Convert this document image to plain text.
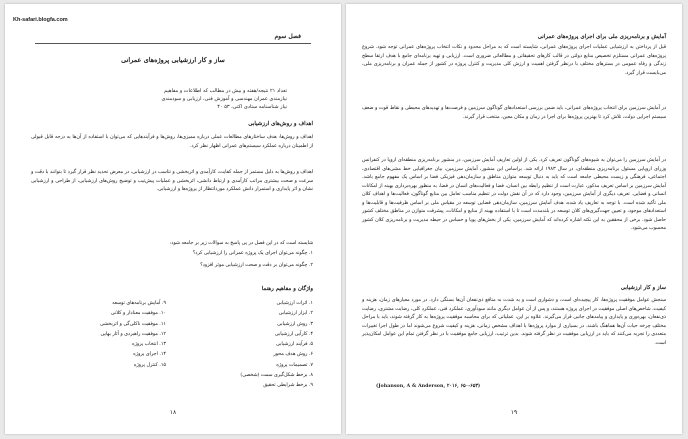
Kh-safari.blogfa.com
فصل سوم
ساز و کار ارزشیابی پروژه‌های عمرانی
تعداد ۲۱ نتیجه/هفته و بیش در مطالب که اطلاعات و مفاهیم
نیازمندی عمران مهندسی و آموزش فنی، ارزیابی و سودمندی
نیاز شناسنامه ستادی اکتی، ۵۳ ۴۰
اهداف و روش‌های ارزشیابی
اهداف و روش‌ها: هدف ساختارهای مطالعات عملی درباره ممیزی‌ها، روش‌ها و فرآیندهایی که می‌توان با استفاده از آن‌ها به درجه قابل قبولی از اطمینان درباره عملکرد سیستم‌های عمرانی اظهار نظر کرد.
اهداف و روش‌ها به دلیل مستمر از جمله کفایت، کارآمدی و اثربخشی و تناسب در ارزشیابی، در معرض تحدید نظر قرار گیرد تا بتوانند با دقت و سرعت و صحت بیشتری مراتب کارآمدی و ارتباط دانشی، اثربخشی و عملیات پیش‌تیب و توضیح روش‌های ارزشیابی، از طراحی و ارزشیابی نشان و اثر پایداری و استمرار دانش عملکرد موردانتظار از پروژه‌ها و ارزشیابی.
شایسته است که در این فصل در پی پاسخ به سوالات زیر بر جامعه شود:
۱. چگونه می‌توان اجرای یک پروژه عمرانی را ارزشیابی کرد؟
۲. چگونه می‌توان بر دقت و صحت ارزشیابی موثر افزود؟
واژگان و مفاهیم رهنما
۱. اثرات ارزشیابی
۲. ابزار ارزشیابی
۳. روش ارزشیابی
۴. کارآیی ارزشیابی
۵. فرآیند ارزشیابی
۶. روش هدف محور
۷. تصمیمات پروژه
۸. برخط شکل‌گیری سمت (شخصی)
۹. برخط شرایطی تحقیق
۹. آمایش برنامه‌های توسعه
۱۰. موفقیت معنادار و کلانی
۱۱. موفقیت ناکلی‌گی و اثربخشی
۱۲. موفقیت راهبردی و آثار بهایی
۱۳. انتخاب پروژه
۱۴. اجرای پروژه
۱۵. کنترل پروژه
۱۸
آمایش و برنامه‌ریزی ملی برای اجرای پروژه‌های عمرانی
قبل از پرداختن به ارزشیابی عملیات اجرای پروژه‌های عمرانی، شایسته است که به مراحل محدود و نکات انتخاب پروژه‌های عمرانی توجه شود. شروع پروژه‌های عمرانی مستلزم تخصیص منابع دولتی در قالب کارهای تحقیقاتی و مطالعاتی ضروری است. ارزیابی و تهیه برنامه‌ای جامع با هدف ارتقا سطح زندگی و رفاه عمومی در بسترهای مختلف با درنظر گرفتن اهمیت و ارزش کلی مدیریت و کنترل پروژه در کشور از جمله عمران و برنامه‌ریزی ملی، می‌بایست قرار گیرد.
در آمایش سرزمین برای انتخاب پروژه‌های عمرانی، باید ضمن بررسی استعدادهای گوناگون سرزمین و فرصت‌ها و تهدیدهای محیطی و نقاط قوت و ضعف سیستم اجرایی دولت، تلاش کرد تا بهترین پروژه‌ها برای اجرا در زمان و مکان معین، منتخب قرار گیرند.
در آمایش سرزمین را می‌توان به شیوه‌های گوناگون تعریف کرد. یکی از اولین تعاریف آمایش سرزمین، در منشور برنامه‌ریزی منطقه‌ای اروپا در کنفرانس وزرای اروپایی مسئول برنامه‌ریزی منطقه‌ای، در سال ۱۹۸۳ ارائه شد. براساس این منشور، آمایش سرزمین، بیان جغرافیایی خط مشی‌های اقتصادی، اجتماعی، فرهنگی و زیست محیطی جامعه است که باید به دنبال توسعه متوازن مناطق و سازمان‌دهی فیزیکی فضا بر اساس یک مفهوم جامع باشد. آمایش سرزمین بر اساس تعریف مذکور، عبارت است از تنظیم رابطه بین انسان، فضا و فعالیت‌های انسان در فضا، به منظور بهره‌برداری بهینه از امکانات انسانی و فضایی. تعریف دیگری از آمایش سرزمین، وجود دارد که در آن نقش دولت در تنظیم مناسب تعامل بین منابع گوناگون، فعالیت‌ها و اهداف کلان ملی تأکید شده است. با توجه به تعاریف یاد شده، هدف آمایش سرزمین، سازمان‌دهی فضایی توسعه در مقیاس ملی بر اساس ظرفیت‌ها و قابلیت‌ها و استعدادهای موجود، و تعیین جهت‌گیری‌های کلان توسعه در بلندمدت است تا با استفاده بهینه از منابع و امکانات، پیشرفت متوازن در مناطق مختلف کشور حاصل شود. برخی از محققین به این نکته اشاره کرده‌اند که آمایش سرزمین، یکی از بخش‌های پویا و حساس در حیطه مدیریت و برنامه‌ریزی کلان کشور محسوب می‌شود.
ساز و کار ارزشیابی
سنجش عوامل موفقیت پروژه‌ها، کار پیچیده‌ای است، و دشواری است و به شدت به منافع ذی‌نفعان آن‌ها بستگی دارد. در مورد معیارهای زمان، هزینه و کیفیت، شاخص‌های اصلی موفقیت در اجرای پروژه هستند، و پس از آن عوامل دیگری مانند سودآوری، عملکرد فنی، عملکرد کلی، رضایت مشتری، رضایت ذی‌نفعان، بهره‌وری و پایداری و پیامدهای جانبی قرار می‌گیرند. علاوه بر این، عملیاتی که برای محاسبه موفقیت پروژه‌ها به کار گرفته شوند، باید با مراحل مختلف چرخه حیات آن‌ها هماهنگ باشند. در بسیاری از موارد پروژه‌ها با اهداف مشخص زمانی، هزینه و کیفیت شروع می‌شوند اما در طول اجرا تغییرات متعددی را تجربه می‌کنند که باید در ارزیابی موفقیت در نظر گرفته شوند. بدین ترتیب، ارزیابی جامع موفقیت با در نظر گرفتن تمام این عوامل امکان‌پذیر است.
(Johanson, A & Anderson, ۲۰۱۶, ۶۵۰-۶۵۳)
۱۹
